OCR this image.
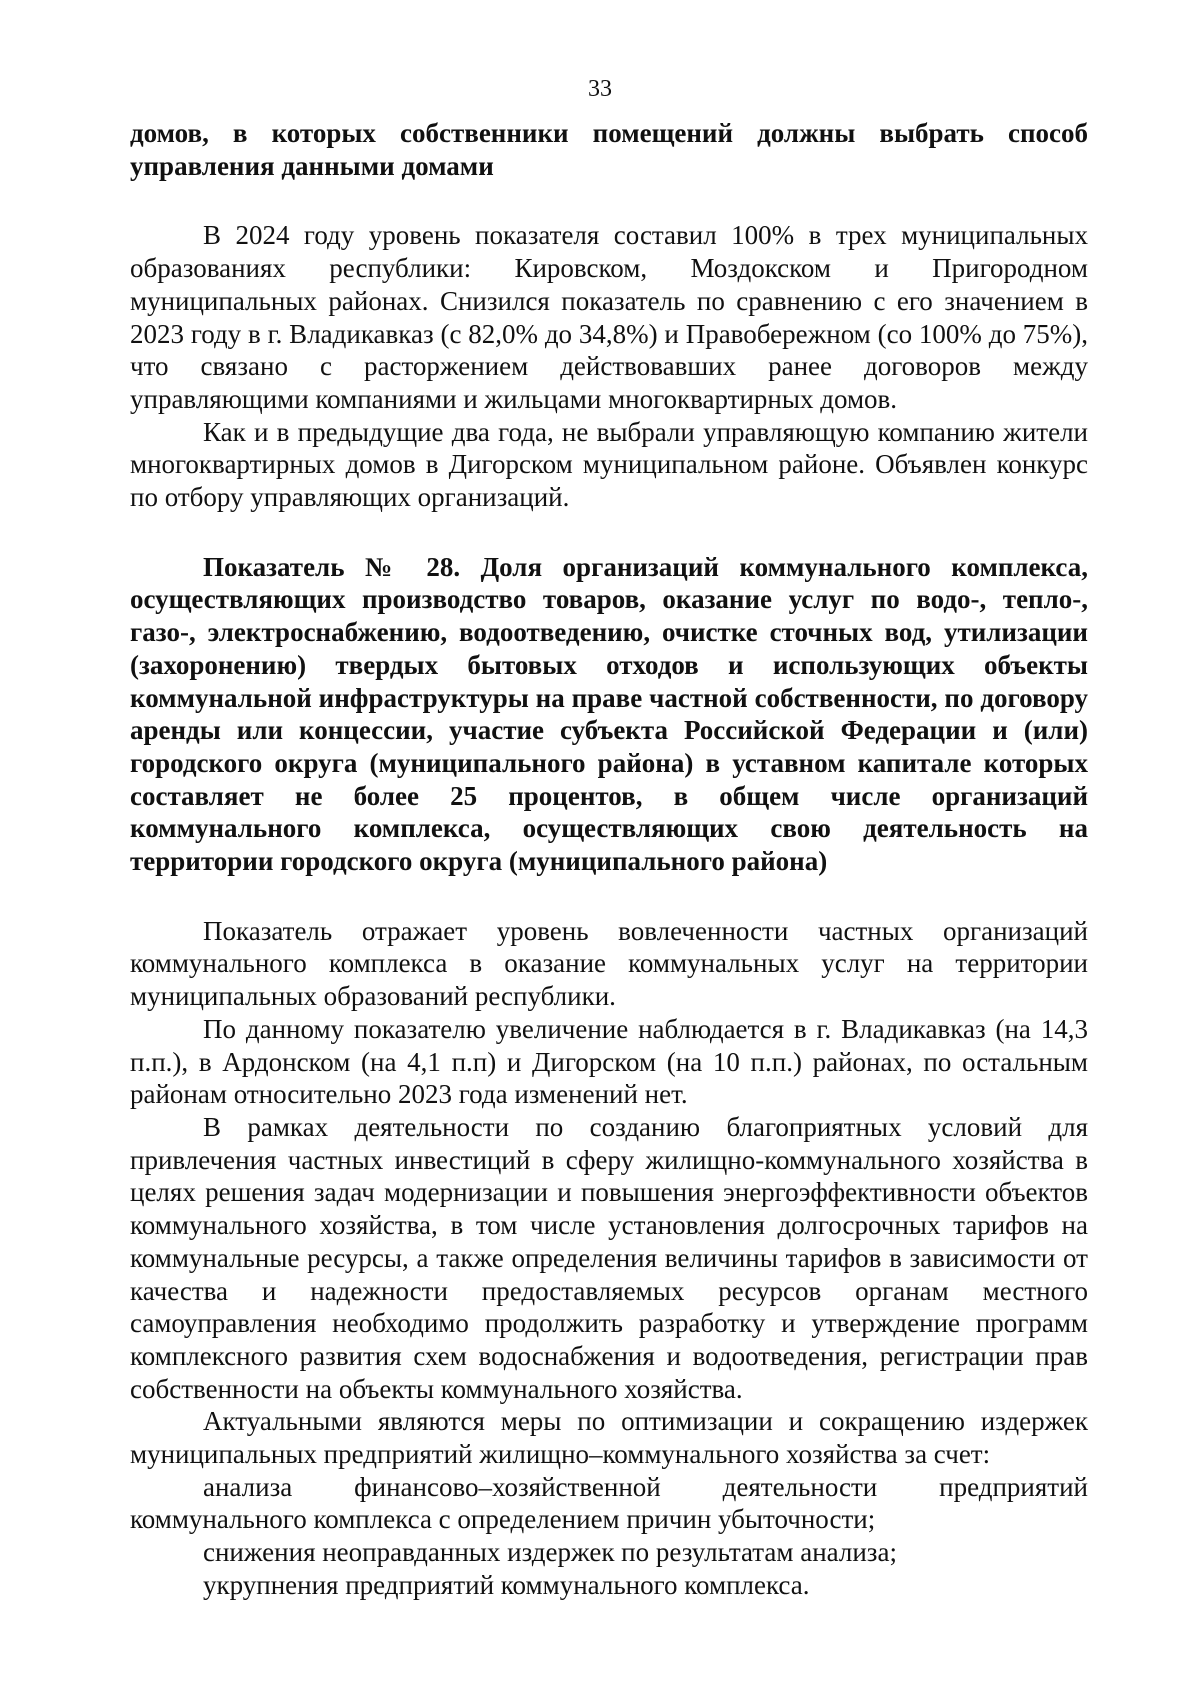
33

домов, в которых собственники помещений должны выбрать способ управления данными домами

В 2024 году уровень показателя составил 100% в трех муниципальных образованиях республики: Кировском, Моздокском и Пригородном муниципальных районах. Снизился показатель по сравнению с его значением в 2023 году в г. Владикавказ (с 82,0% до 34,8%) и Правобережном (со 100% до 75%), что связано с расторжением действовавших ранее договоров между управляющими компаниями и жильцами многоквартирных домов.

Как и в предыдущие два года, не выбрали управляющую компанию жители многоквартирных домов в Дигорском муниципальном районе. Объявлен конкурс по отбору управляющих организаций.

Показатель № 28. Доля организаций коммунального комплекса, осуществляющих производство товаров, оказание услуг по водо-, тепло-, газо-, электроснабжению, водоотведению, очистке сточных вод, утилизации (захоронению) твердых бытовых отходов и использующих объекты коммунальной инфраструктуры на праве частной собственности, по договору аренды или концессии, участие субъекта Российской Федерации и (или) городского округа (муниципального района) в уставном капитале которых составляет не более 25 процентов, в общем числе организаций коммунального комплекса, осуществляющих свою деятельность на территории городского округа (муниципального района)

Показатель отражает уровень вовлеченности частных организаций коммунального комплекса в оказание коммунальных услуг на территории муниципальных образований республики.

По данному показателю увеличение наблюдается в г. Владикавказ (на 14,3 п.п.), в Ардонском (на 4,1 п.п) и Дигорском (на 10 п.п.) районах, по остальным районам относительно 2023 года изменений нет.

В рамках деятельности по созданию благоприятных условий для привлечения частных инвестиций в сферу жилищно-коммунального хозяйства в целях решения задач модернизации и повышения энергоэффективности объектов коммунального хозяйства, в том числе установления долгосрочных тарифов на коммунальные ресурсы, а также определения величины тарифов в зависимости от качества и надежности предоставляемых ресурсов органам местного самоуправления необходимо продолжить разработку и утверждение программ комплексного развития схем водоснабжения и водоотведения, регистрации прав собственности на объекты коммунального хозяйства.

Актуальными являются меры по оптимизации и сокращению издержек муниципальных предприятий жилищно–коммунального хозяйства за счет:

анализа финансово–хозяйственной деятельности предприятий коммунального комплекса с определением причин убыточности;

снижения неоправданных издержек по результатам анализа;

укрупнения предприятий коммунального комплекса.
